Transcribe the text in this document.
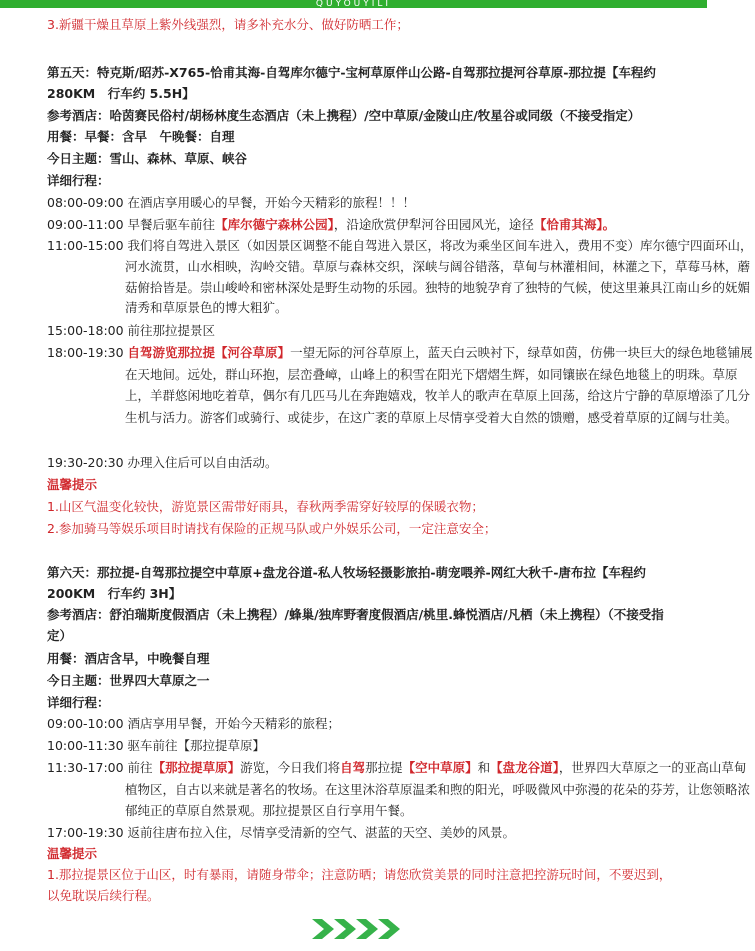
QUYOUYILI
3.新疆干燥且草原上紫外线强烈，请多补充水分、做好防晒工作；
第五天：特克斯/昭苏-X765-恰甫其海-自驾库尔德宁-宝柯草原伴山公路-自驾那拉提河谷草原-那拉提【车程约 280KM　行车约 5.5H】
参考酒店：哈茵赛民俗村/胡杨林度生态酒店（未上携程）/空中草原/金陵山庄/牧星谷或同级（不接受指定）
用餐：早餐：含早　午晚餐：自理
今日主题：雪山、森林、草原、峡谷
详细行程：
08:00-09:00 在酒店享用暖心的早餐，开始今天精彩的旅程！！！
09:00-11:00 早餐后驱车前往【库尔德宁森林公园】，沿途欣赏伊犁河谷田园风光，途径【恰甫其海】。
11:00-15:00 我们将自驾进入景区（如因景区调整不能自驾进入景区，将改为乘坐区间车进入，费用不变）库尔德宁四面环山，河水流贯，山水相映，沟岭交错。草原与森林交织，深峡与阔谷错落，草甸与林灌相间，林灌之下，草莓马林，蘑菇俯拾皆是。崇山峻岭和密林深处是野生动物的乐园。独特的地貌孕育了独特的气候，使这里兼具江南山乡的妩媚清秀和草原景色的博大粗犷。
15:00-18:00 前往那拉提景区
18:00-19:30 自驾游览那拉提【河谷草原】一望无际的河谷草原上，蓝天白云映衬下，绿草如茵，仿佛一块巨大的绿色地毯铺展在天地间。远处，群山环抱，层峦叠嶂，山峰上的积雪在阳光下熠熠生辉，如同镶嵌在绿色地毯上的明珠。草原上，羊群悠闲地吃着草，偶尔有几匹马儿在奔跑嬉戏，牧羊人的歌声在草原上回荡，给这片宁静的草原增添了几分生机与活力。游客们或骑行、或徒步，在这广袤的草原上尽情享受着大自然的馈赠，感受着草原的辽阔与壮美。
19:30-20:30 办理入住后可以自由活动。
温馨提示
1.山区气温变化较快，游览景区需带好雨具，春秋两季需穿好较厚的保暖衣物；
2.参加骑马等娱乐项目时请找有保险的正规马队或户外娱乐公司，一定注意安全；
第六天：那拉提-自驾那拉提空中草原+盘龙谷道-私人牧场轻摄影旅拍-萌宠喂养-网红大秋千-唐布拉【车程约 200KM　行车约 3H】
参考酒店：舒泊瑞斯度假酒店（未上携程）/蜂巢/独库野奢度假酒店/桃里.蜂悦酒店/凡栖（未上携程）（不接受指定）
用餐：酒店含早，中晚餐自理
今日主题：世界四大草原之一
详细行程：
09:00-10:00 酒店享用早餐，开始今天精彩的旅程；
10:00-11:30 驱车前往【那拉提草原】
11:30-17:00 前往【那拉提草原】游览，今日我们将自驾那拉提【空中草原】和【盘龙谷道】，世界四大草原之一的亚高山草甸植物区，自古以来就是著名的牧场。在这里沐浴草原温柔和煦的阳光，呼吸微风中弥漫的花朵的芬芳，让您领略浓郁纯正的草原自然景观。那拉提景区自行享用午餐。
17:00-19:30 返前往唐布拉入住，尽情享受清新的空气、湛蓝的天空、美妙的风景。
温馨提示
1.那拉提景区位于山区，时有暴雨，请随身带伞；注意防晒；请您欣赏美景的同时注意把控游玩时间，不要迟到，以免耽误后续行程。
